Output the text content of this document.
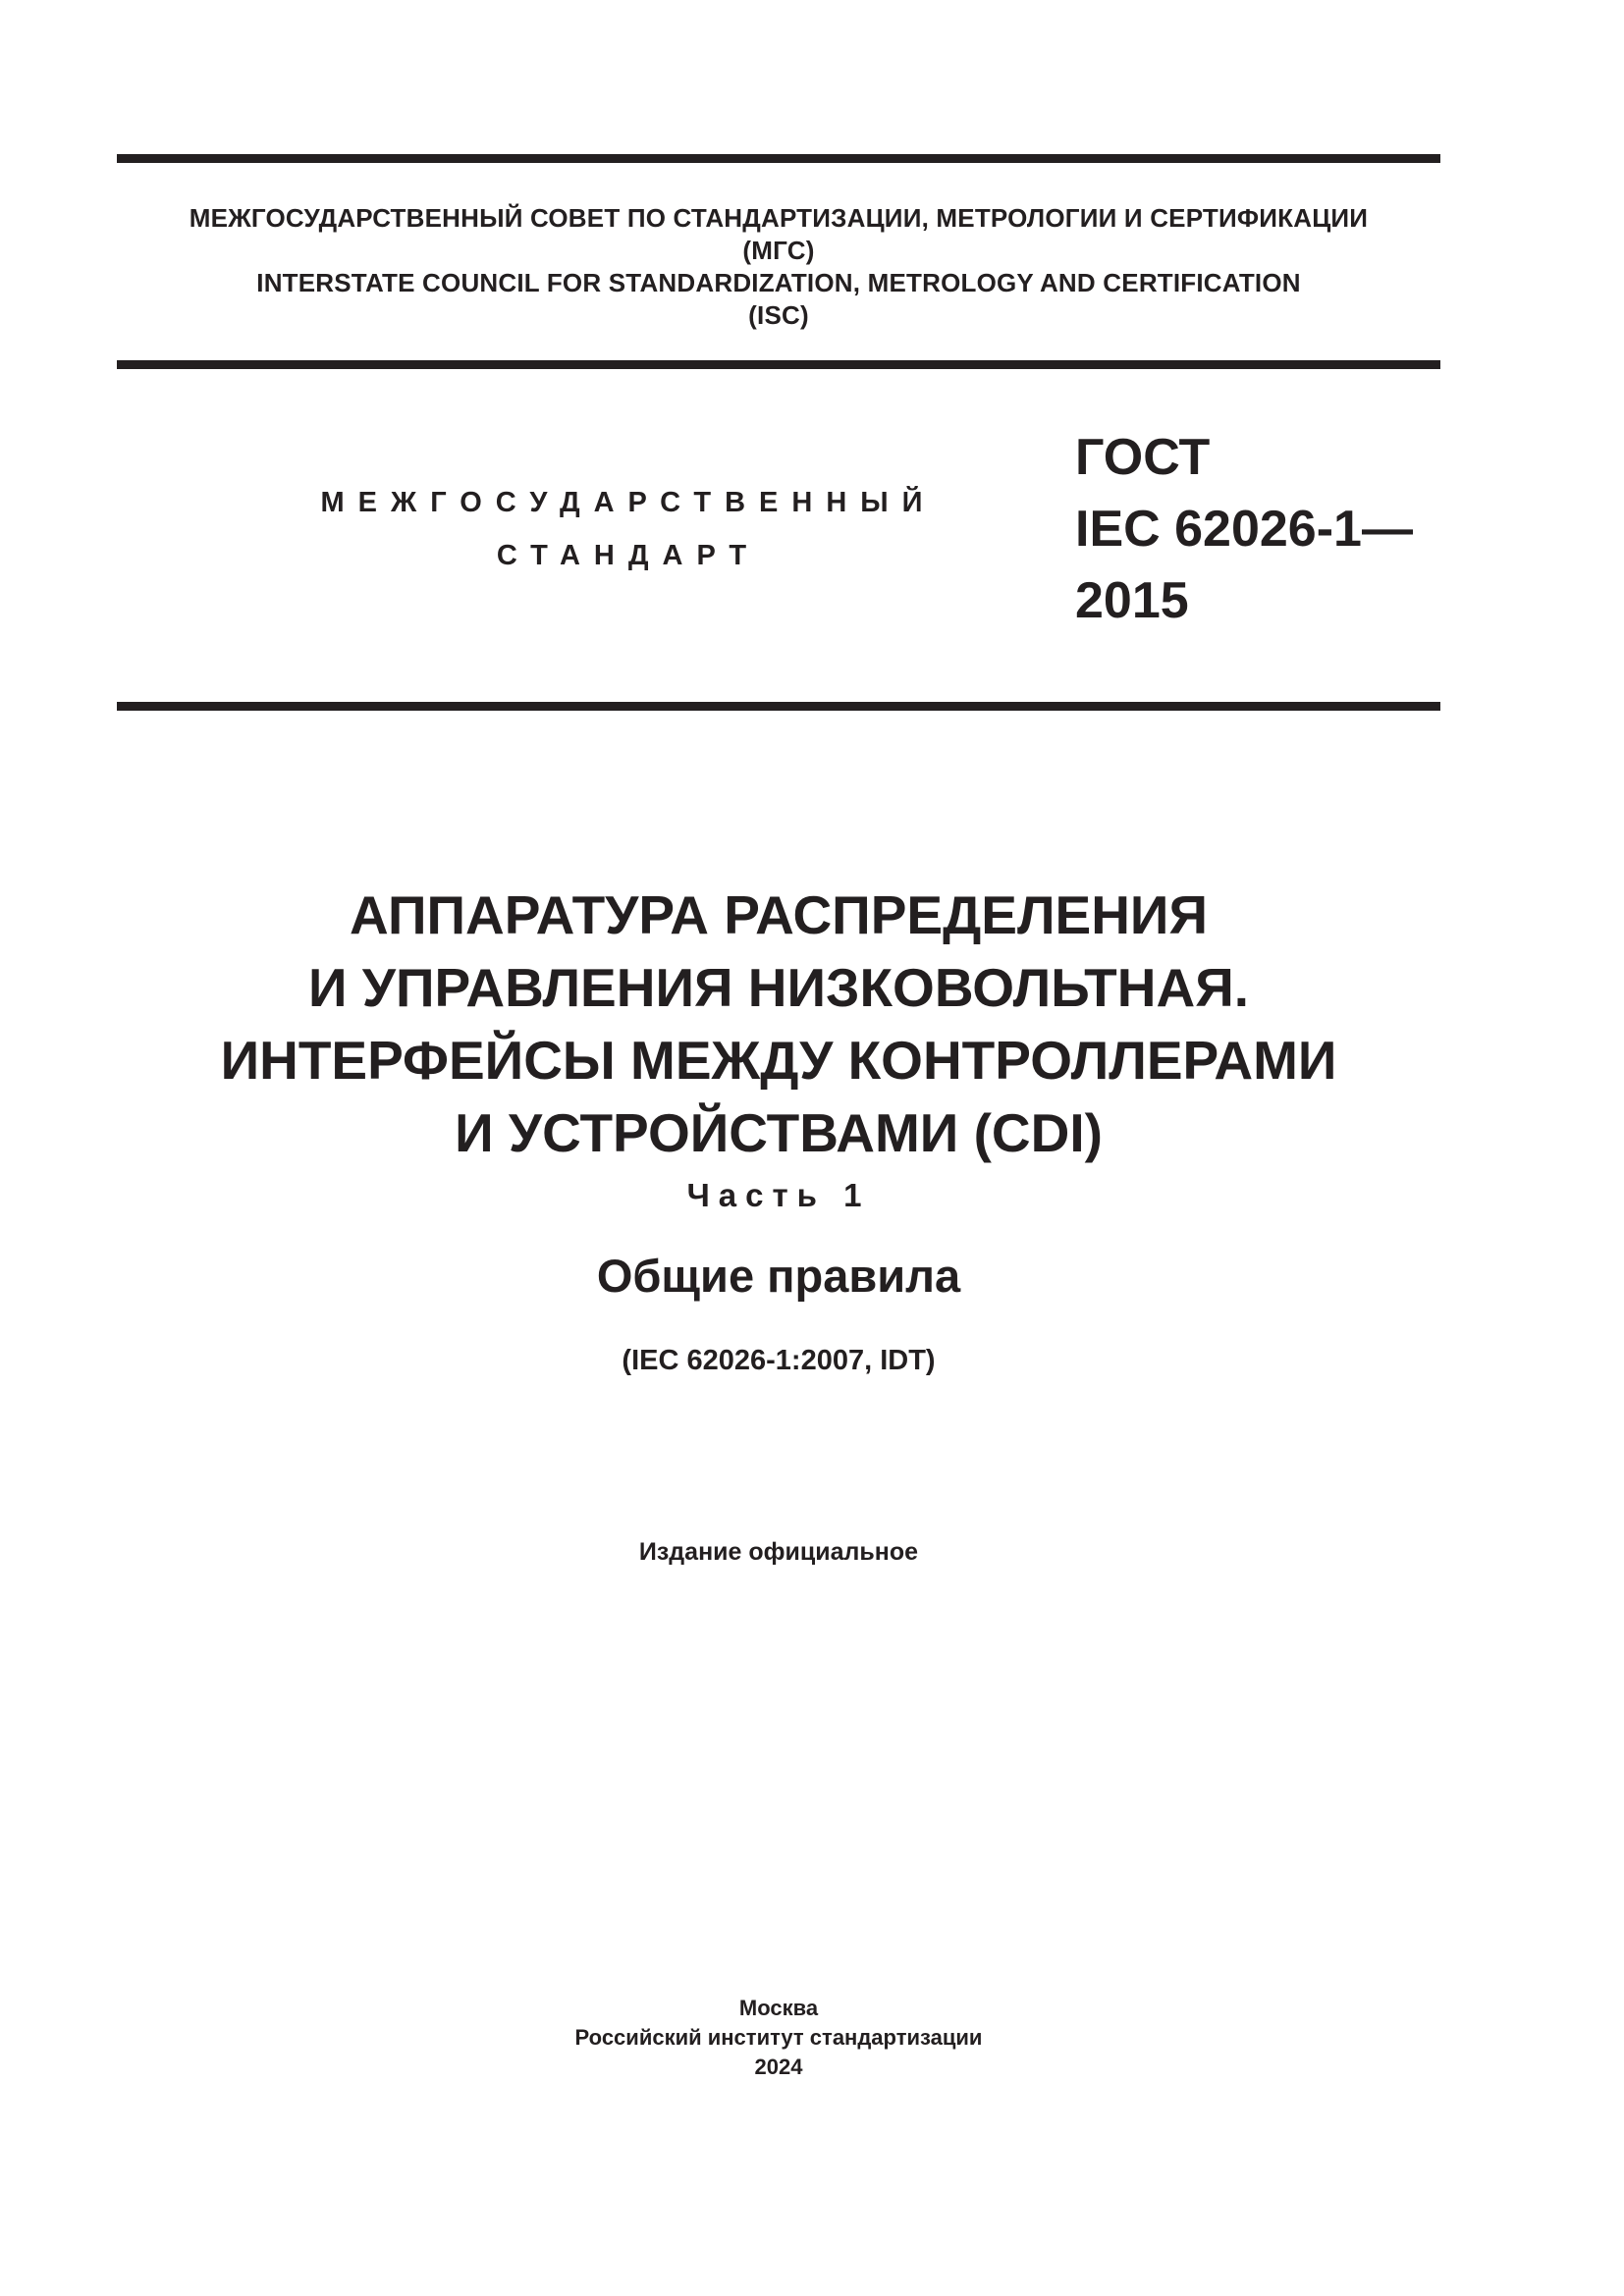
МЕЖГОСУДАРСТВЕННЫЙ СОВЕТ ПО СТАНДАРТИЗАЦИИ, МЕТРОЛОГИИ И СЕРТИФИКАЦИИ
(МГС)
INTERSTATE COUNCIL FOR STANDARDIZATION, METROLOGY AND CERTIFICATION
(ISC)
МЕЖГОСУДАРСТВЕННЫЙ
СТАНДАРТ
ГОСТ
IEC 62026-1—
2015
АППАРАТУРА РАСПРЕДЕЛЕНИЯ
И УПРАВЛЕНИЯ НИЗКОВОЛЬТНАЯ.
ИНТЕРФЕЙСЫ МЕЖДУ КОНТРОЛЛЕРАМИ
И УСТРОЙСТВАМИ (CDI)
Часть 1
Общие правила
(IEC 62026-1:2007, IDT)
Издание официальное
Москва
Российский институт стандартизации
2024
